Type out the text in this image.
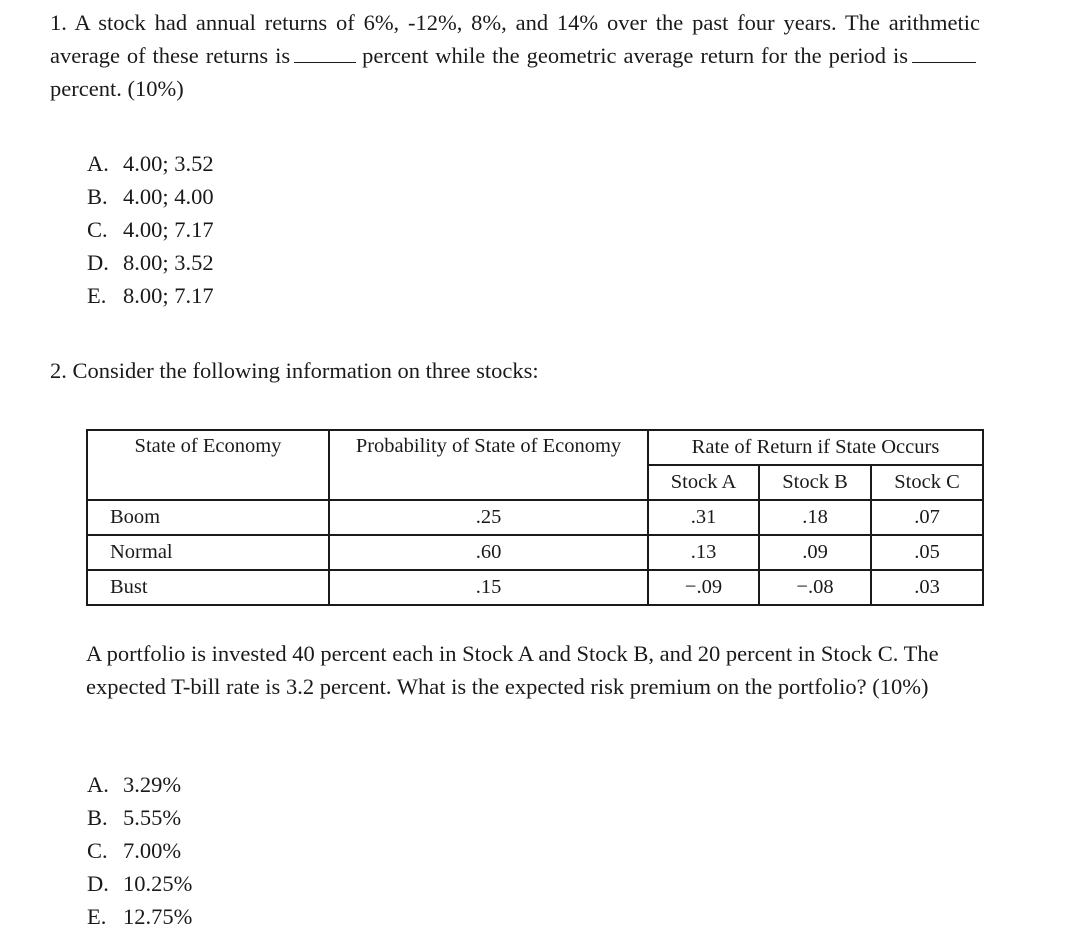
1. A stock had annual returns of 6%, -12%, 8%, and 14% over the past four years. The arithmetic average of these returns is	percent while the geometric average return for the period ispercent. (10%)
A. 4.00; 3.52
B. 4.00; 4.00
C. 4.00; 7.17
D. 8.00; 3.52
E. 8.00; 7.17
2. Consider the following information on three stocks:
State of Economy	Probability of State of Economy	Rate of Return if State Occurs		
		Stock A	Stock B	Stock C
Boom	.25	.31	.18	.07
Normal	.60	.13	.09	.05
Bust	.15	−.09	−.08	.03
A portfolio is invested 40 percent each in Stock A and Stock B, and 20 percent in Stock C. The expected T-bill rate is 3.2 percent. What is the expected risk premium on the portfolio? (10%)
A. 3.29%
B. 5.55%
C. 7.00%
D. 10.25%
E. 12.75%
